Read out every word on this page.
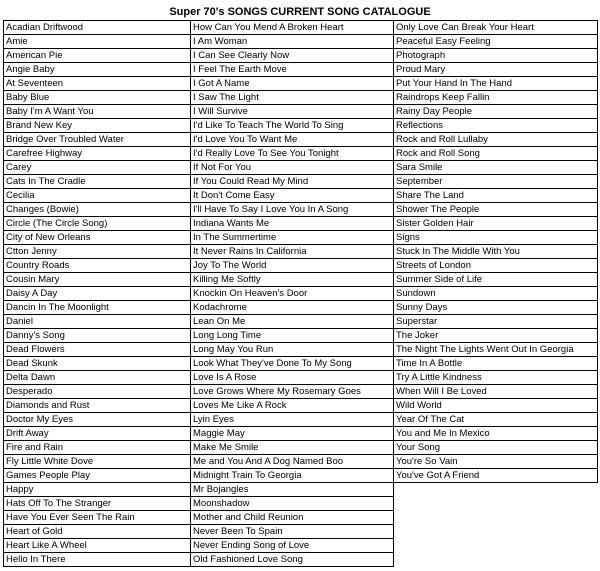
Super 70's SONGS CURRENT SONG CATALOGUE
Acadian Driftwood	How Can You Mend A Broken Heart	Only Love Can Break Your Heart
Amie	I Am Woman	Peaceful Easy Feeling
American Pie	I Can See Clearly Now	Photograph
Angie Baby	I Feel The Earth Move	Proud Mary
At Seventeen	I Got A Name	Put Your Hand In The Hand
Baby Blue	I Saw The Light	Raindrops Keep Fallin
Baby I'm A Want You	I Will Survive	Rainy Day People
Brand New Key	I'd Like To Teach The World To Sing	Reflections
Bridge Over Troubled Water	I'd Love You To Want Me	Rock and Roll Lullaby
Carefree Highway	I'd Really Love To See You Tonight	Rock and Roll Song
Carey	If Not For You	Sara Smile
Cats In The Cradle	If You Could Read My Mind	September
Cecilia	It Don't Come Easy	Share The Land
Changes (Bowie)	I'll Have To Say I Love You In A Song	Shower The People
Circle (The Circle Song)	Indiana Wants Me	Sister Golden Hair
City of New Orleans	In The Summertime	Signs
Ctton Jenny	It Never Rains In California	Stuck In The Middle With You
Country Roads	Joy To The World	Streets of London
Cousin Mary	Killing Me Softly	Summer Side of Life
Daisy A Day	Knockin On Heaven's Door	Sundown
Dancin In The Moonlight	Kodachrome	Sunny Days
Daniel	Lean On Me	Superstar
Danny's Song	Long Long Time	The Joker
Dead Flowers	Long May You Run	The Night The Lights Went Out In Georgia
Dead Skunk	Look What They've Done To My Song	Time In A Bottle
Delta Dawn	Love Is A Rose	Try A Little Kindness
Desperado	Love Grows Where My Rosemary Goes	When Will I Be Loved
Diamonds and Rust	Loves Me Like A Rock	Wild World
Doctor My Eyes	Lyin Eyes	Year Of The Cat
Drift Away	Maggie May	You and Me In Mexico
Fire and Rain	Make Me Smile	Your Song
Fly Little White Dove	Me and You And A Dog Named Boo	You're So Vain
Games People Play	Midnight Train To Georgia	You've Got A Friend
Happy	Mr Bojangles	
Hats Off To The Stranger	Moonshadow	
Have You Ever Seen The Rain	Mother and Child Reunion	
Heart of Gold	Never Been To Spain	
Heart Like A Wheel	Never Ending Song of Love	
Hello In There	Old Fashioned Love Song	
